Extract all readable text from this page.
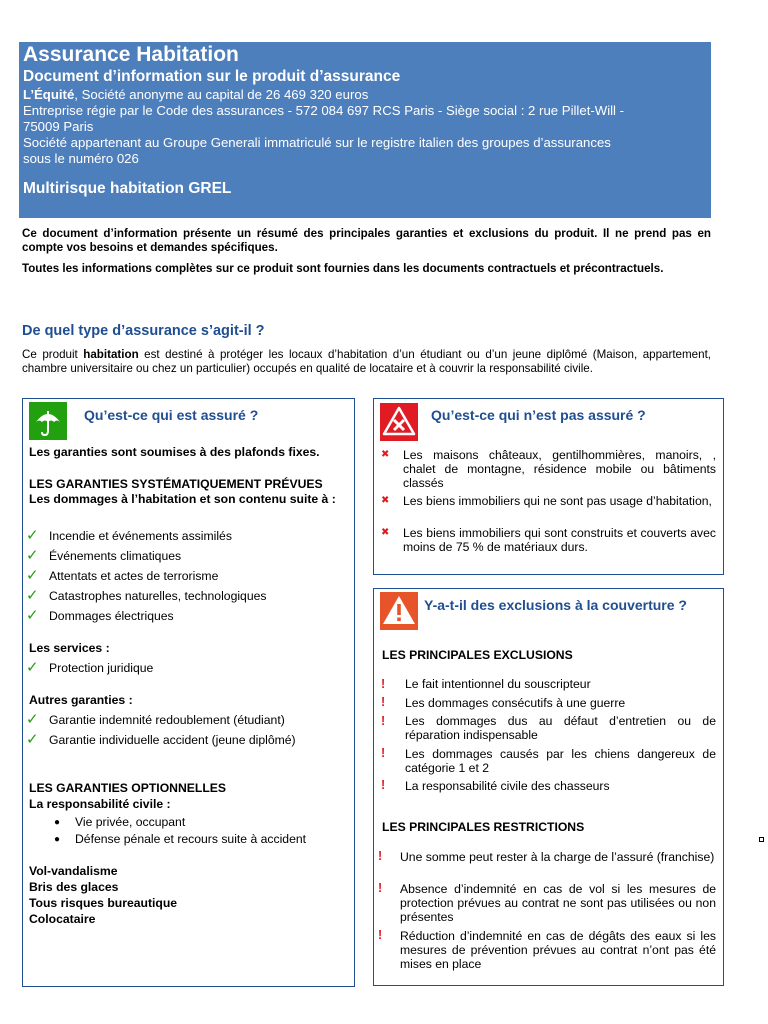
Assurance Habitation
Document d’information sur le produit d’assurance
L’Équité, Société anonyme au capital de 26 469 320 euros
Entreprise régie par le Code des assurances - 572 084 697 RCS Paris - Siège social : 2 rue Pillet-Will -
75009 Paris
Société appartenant au Groupe Generali immatriculé sur le registre italien des groupes d’assurances
sous le numéro 026
Multirisque habitation GREL
Ce document d’information présente un résumé des principales garanties et exclusions du produit. Il ne prend pas en compte vos besoins et demandes spécifiques.
Toutes les informations complètes sur ce produit sont fournies dans les documents contractuels et précontractuels.
De quel type d’assurance s’agit-il ?
Ce produit habitation est destiné à protéger les locaux d’habitation d’un étudiant ou d’un jeune diplômé (Maison, appartement, chambre universitaire ou chez un particulier) occupés en qualité de locataire et à couvrir la responsabilité civile.
Qu’est-ce qui est assuré ?
Les garanties sont soumises à des plafonds fixes.
LES GARANTIES SYSTÉMATIQUEMENT PRÉVUES
Les dommages à l’habitation et son contenu suite à :
✓ Incendie et événements assimilés
✓ Événements climatiques
✓ Attentats et actes de terrorisme
✓ Catastrophes naturelles, technologiques
✓ Dommages électriques
Les services :
✓ Protection juridique
Autres garanties :
✓ Garantie indemnité redoublement (étudiant)
✓ Garantie individuelle accident (jeune diplômé)
LES GARANTIES OPTIONNELLES
La responsabilité civile :
● Vie privée, occupant
● Défense pénale et recours suite à accident
Vol-vandalisme
Bris des glaces
Tous risques bureautique
Colocataire
Qu’est-ce qui n’est pas assuré ?
✖ Les maisons châteaux, gentilhommières, manoirs, , chalet de montagne, résidence mobile ou bâtiments classés
✖ Les biens immobiliers qui ne sont pas usage d’habitation,
✖ Les biens immobiliers qui sont construits et couverts avec moins de 75 % de matériaux durs.
Y-a-t-il des exclusions à la couverture ?
LES PRINCIPALES EXCLUSIONS
! Le fait intentionnel du souscripteur
! Les dommages consécutifs à une guerre
! Les dommages dus au défaut d’entretien ou de réparation indispensable
! Les dommages causés par les chiens dangereux de catégorie 1 et 2
! La responsabilité civile des chasseurs
LES PRINCIPALES RESTRICTIONS
! Une somme peut rester à la charge de l’assuré (franchise)
! Absence d’indemnité en cas de vol si les mesures de protection prévues au contrat ne sont pas utilisées ou non présentes
! Réduction d’indemnité en cas de dégâts des eaux si les mesures de prévention prévues au contrat n’ont pas été mises en place
